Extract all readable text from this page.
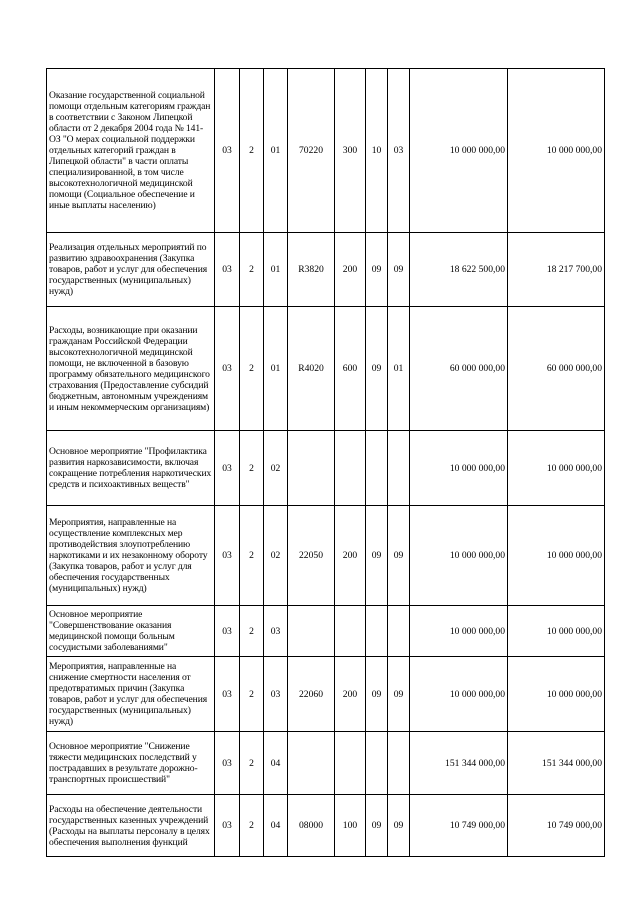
Оказание государственной социальной помощи отдельным категориям граждан в соответствии с Законом Липецкой области от 2 декабря 2004 года № 141-ОЗ "О мерах социальной поддержки отдельных категорий граждан в Липецкой области" в части оплаты специализированной, в том числе высокотехнологичной медицинской помощи (Социальное обеспечение и иные выплаты населению)	03	2	01	70220	300	10	03	10 000 000,00	10 000 000,00
Реализация отдельных мероприятий по развитию здравоохранения (Закупка товаров, работ и услуг для обеспечения государственных (муниципальных) нужд)	03	2	01	R3820	200	09	09	18 622 500,00	18 217 700,00
Расходы, возникающие при оказании гражданам Российской Федерации высокотехнологичной медицинской помощи, не включенной в базовую программу обязательного медицинского страхования (Предоставление субсидий бюджетным, автономным учреждениям и иным некоммерческим организациям)	03	2	01	R4020	600	09	01	60 000 000,00	60 000 000,00
Основное мероприятие "Профилактика развития наркозависимости, включая сокращение потребления наркотических средств и психоактивных веществ"	03	2	02					10 000 000,00	10 000 000,00
Мероприятия, направленные на осуществление комплексных мер противодействия злоупотреблению наркотиками и их незаконному обороту (Закупка товаров, работ и услуг для обеспечения государственных (муниципальных) нужд)	03	2	02	22050	200	09	09	10 000 000,00	10 000 000,00
Основное мероприятие "Совершенствование оказания медицинской помощи больным сосудистыми заболеваниями"	03	2	03					10 000 000,00	10 000 000,00
Мероприятия, направленные на снижение смертности населения от предотвратимых причин (Закупка товаров, работ и услуг для обеспечения государственных (муниципальных) нужд)	03	2	03	22060	200	09	09	10 000 000,00	10 000 000,00
Основное мероприятие "Снижение тяжести медицинских последствий у пострадавших в результате дорожно-транспортных происшествий"	03	2	04					151 344 000,00	151 344 000,00
Расходы на обеспечение деятельности государственных казенных учреждений (Расходы на выплаты персоналу в целях обеспечения выполнения функций	03	2	04	08000	100	09	09	10 749 000,00	10 749 000,00
